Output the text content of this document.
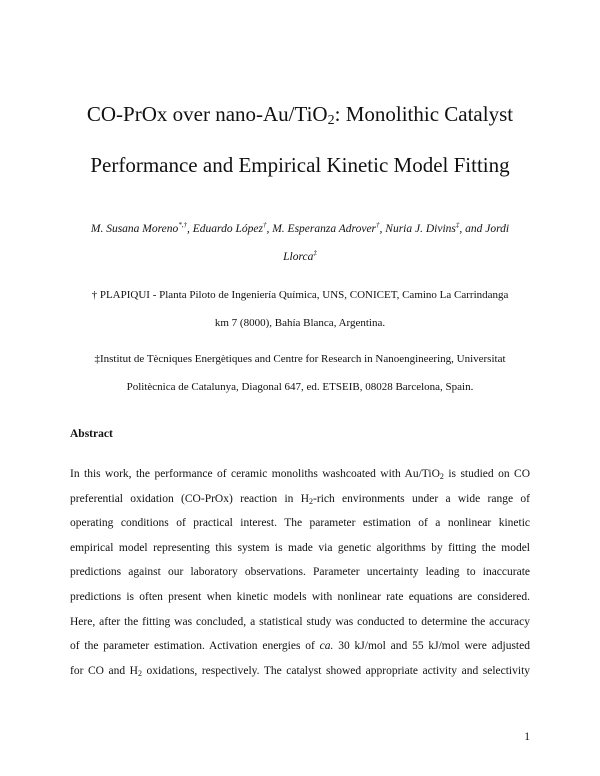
CO-PrOx over nano-Au/TiO$_2$: Monolithic Catalyst
Performance and Empirical Kinetic Model Fitting
M. Susana Moreno*,†, Eduardo López†, M. Esperanza Adrover†, Nuria J. Divins‡, and Jordi
Llorca‡
† PLAPIQUI - Planta Piloto de Ingeniería Química, UNS, CONICET, Camino La Carrindanga
km 7 (8000), Bahía Blanca, Argentina.
‡Institut de Tècniques Energètiques and Centre for Research in Nanoengineering, Universitat
Politècnica de Catalunya, Diagonal 647, ed. ETSEIB, 08028 Barcelona, Spain.
Abstract
In this work, the performance of ceramic monoliths washcoated with Au/TiO$_2$ is studied on CO
preferential oxidation (CO-PrOx) reaction in $H_2$-rich environments under a wide range of
operating conditions of practical interest. The parameter estimation of a nonlinear kinetic
empirical model representing this system is made via genetic algorithms by fitting the model
predictions against our laboratory observations. Parameter uncertainty leading to inaccurate
predictions is often present when kinetic models with nonlinear rate equations are considered.
Here, after the fitting was concluded, a statistical study was conducted to determine the accuracy
of the parameter estimation. Activation energies of ca. 30 kJ/mol and 55 kJ/mol were adjusted
for CO and $H_2$ oxidations, respectively. The catalyst showed appropriate activity and selectivity
1
